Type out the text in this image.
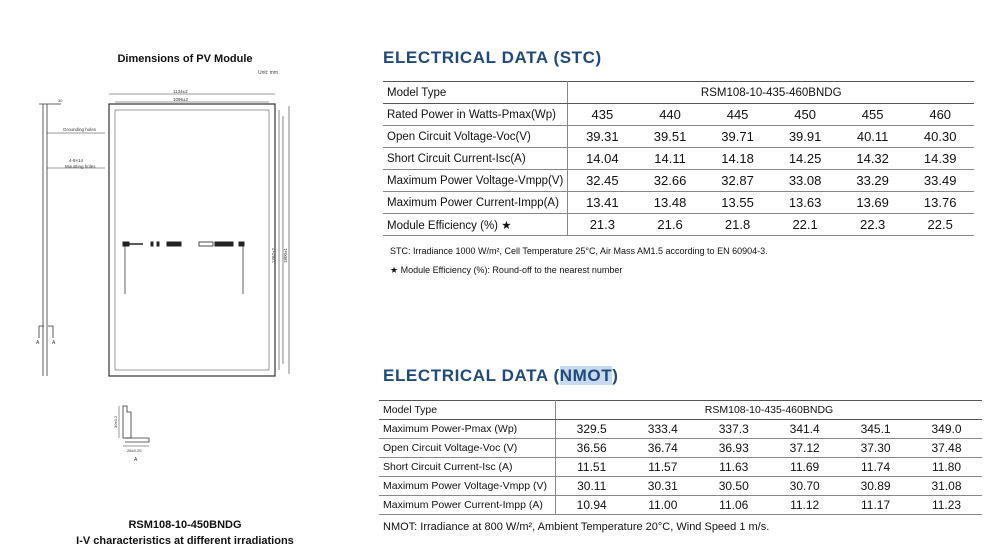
Dimensions of PV Module
Unit: mm
30
Grounding holes
4-9×14
Mounting holes
A	A
1134±2
1096±2
1762±2 1800±1
30±0.2
28±0.25
A
RSM108-10-450BNDG
I-V characteristics at different irradiations
ELECTRICAL DATA (STC)
Model Type	RSM108-10-435-460BNDG					
Rated Power in Watts-Pmax(Wp)	435	440	445	450	455	460
Open Circuit Voltage-Voc(V)	39.31	39.51	39.71	39.91	40.11	40.30
Short Circuit Current-Isc(A)	14.04	14.11	14.18	14.25	14.32	14.39
Maximum Power Voltage-Vmpp(V)	32.45	32.66	32.87	33.08	33.29	33.49
Maximum Power Current-Impp(A)	13.41	13.48	13.55	13.63	13.69	13.76
Module Efficiency (%) ★	21.3	21.6	21.8	22.1	22.3	22.5
STC: Irradiance 1000 W/m², Cell Temperature 25°C, Air Mass AM1.5 according to EN 60904-3.
★ Module Efficiency (%): Round-off to the nearest number
ELECTRICAL DATA (NMOT)
Model Type	RSM108-10-435-460BNDG					
Maximum Power-Pmax (Wp)	329.5	333.4	337.3	341.4	345.1	349.0
Open Circuit Voltage-Voc (V)	36.56	36.74	36.93	37.12	37.30	37.48
Short Circuit Current-Isc (A)	11.51	11.57	11.63	11.69	11.74	11.80
Maximum Power Voltage-Vmpp (V)	30.11	30.31	30.50	30.70	30.89	31.08
Maximum Power Current-Impp (A)	10.94	11.00	11.06	11.12	11.17	11.23
NMOT: Irradiance at 800 W/m², Ambient Temperature 20°C, Wind Speed 1 m/s.
